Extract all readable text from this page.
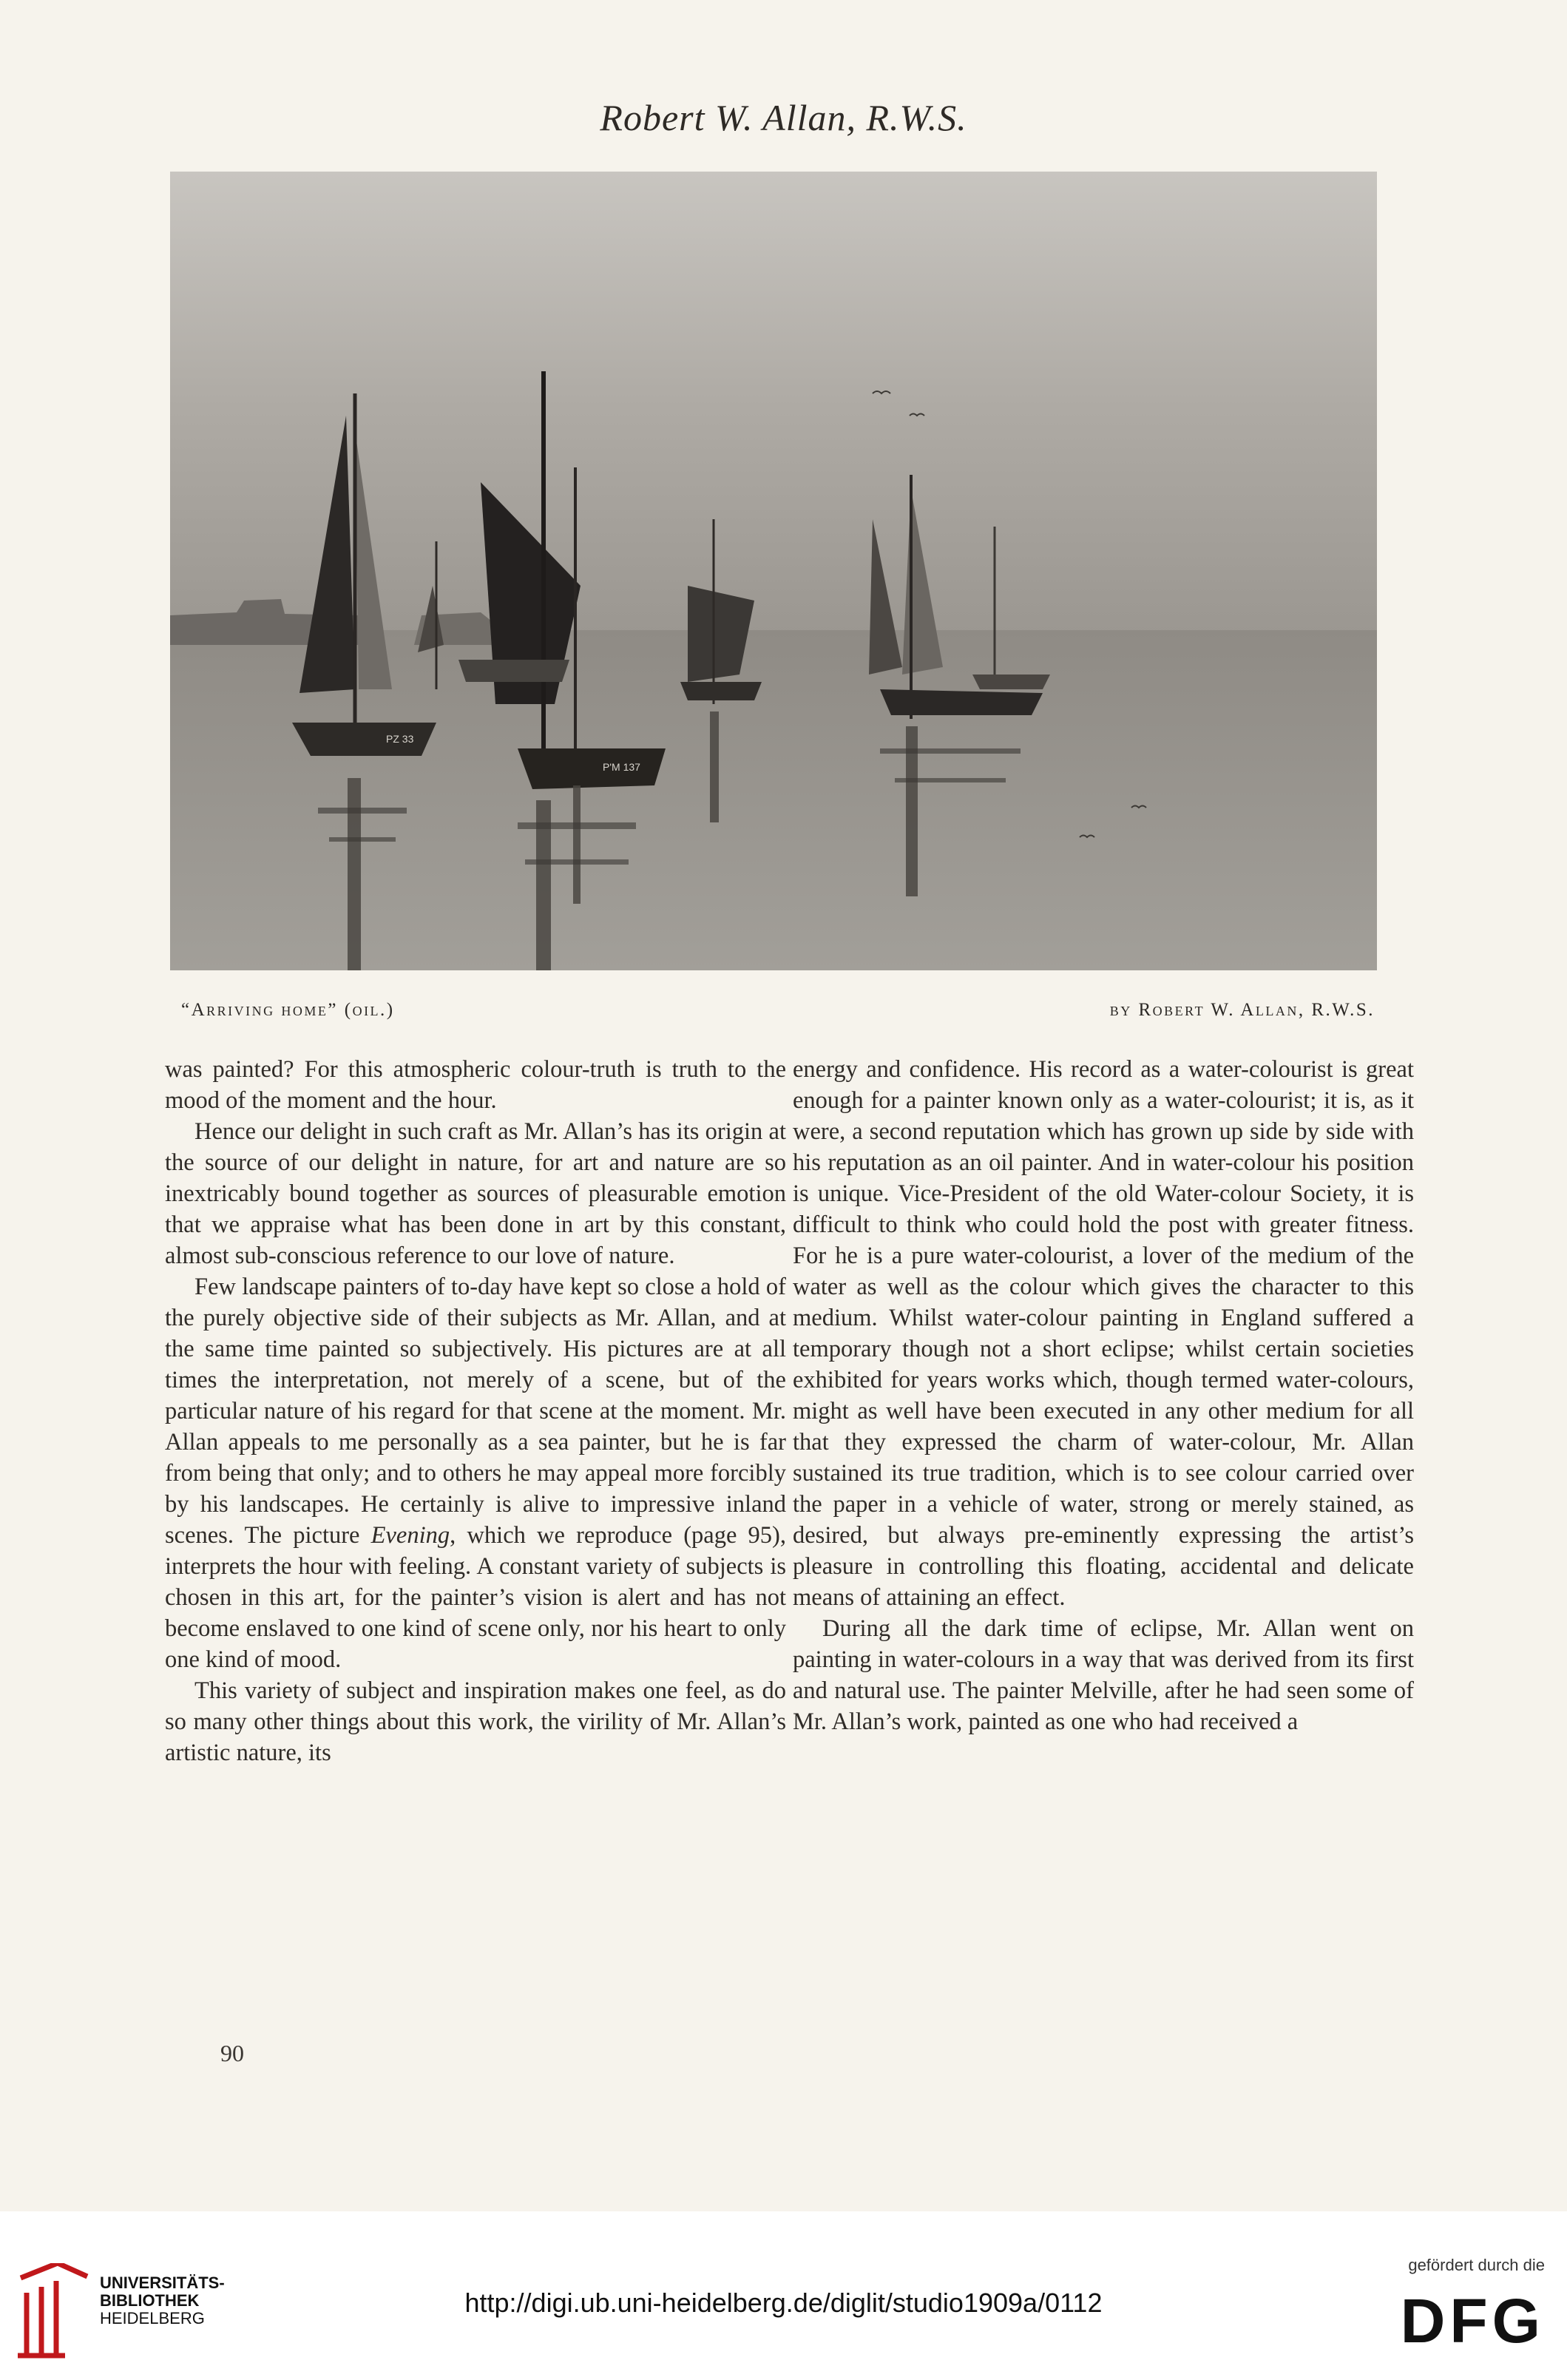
Robert W. Allan, R.W.S.
PZ 33
P'M 137
“Arriving home” (oil.)	by Robert W. Allan, R.W.S.

was painted? For this atmospheric colour-truth is truth to the mood of the moment and the hour.

Hence our delight in such craft as Mr. Allan’s has its origin at the source of our delight in nature, for art and nature are so inextricably bound together as sources of pleasurable emotion that we appraise what has been done in art by this constant, almost sub-conscious reference to our love of nature.

Few landscape painters of to-day have kept so close a hold of the purely objective side of their subjects as Mr. Allan, and at the same time painted so subjectively. His pictures are at all times the interpretation, not merely of a scene, but of the particular nature of his regard for that scene at the moment. Mr. Allan appeals to me personally as a sea painter, but he is far from being that only; and to others he may appeal more forcibly by his landscapes. He certainly is alive to impressive inland scenes. The picture Evening, which we reproduce (page 95), interprets the hour with feeling. A constant variety of subjects is chosen in this art, for the painter’s vision is alert and has not become enslaved to one kind of scene only, nor his heart to only one kind of mood.

This variety of subject and inspiration makes one feel, as do so many other things about this work, the virility of Mr. Allan’s artistic nature, its

energy and confidence. His record as a water-colourist is great enough for a painter known only as a water-colourist; it is, as it were, a second reputation which has grown up side by side with his reputation as an oil painter. And in water-colour his position is unique. Vice-President of the old Water-colour Society, it is difficult to think who could hold the post with greater fitness. For he is a pure water-colourist, a lover of the medium of the water as well as the colour which gives the character to this medium. Whilst water-colour painting in England suffered a temporary though not a short eclipse; whilst certain societies exhibited for years works which, though termed water-colours, might as well have been executed in any other medium for all that they expressed the charm of water-colour, Mr. Allan sustained its true tradition, which is to see colour carried over the paper in a vehicle of water, strong or merely stained, as desired, but always pre-eminently expressing the artist’s pleasure in controlling this floating, accidental and delicate means of attaining an effect.

During all the dark time of eclipse, Mr. Allan went on painting in water-colours in a way that was derived from its first and natural use. The painter Melville, after he had seen some of Mr. Allan’s work, painted as one who had received a

90
UNIVERSITÄTS-
BIBLIOTHEK
HEIDELBERG
http://digi.ub.uni-heidelberg.de/diglit/studio1909a/0112
gefördert durch die
DFG
